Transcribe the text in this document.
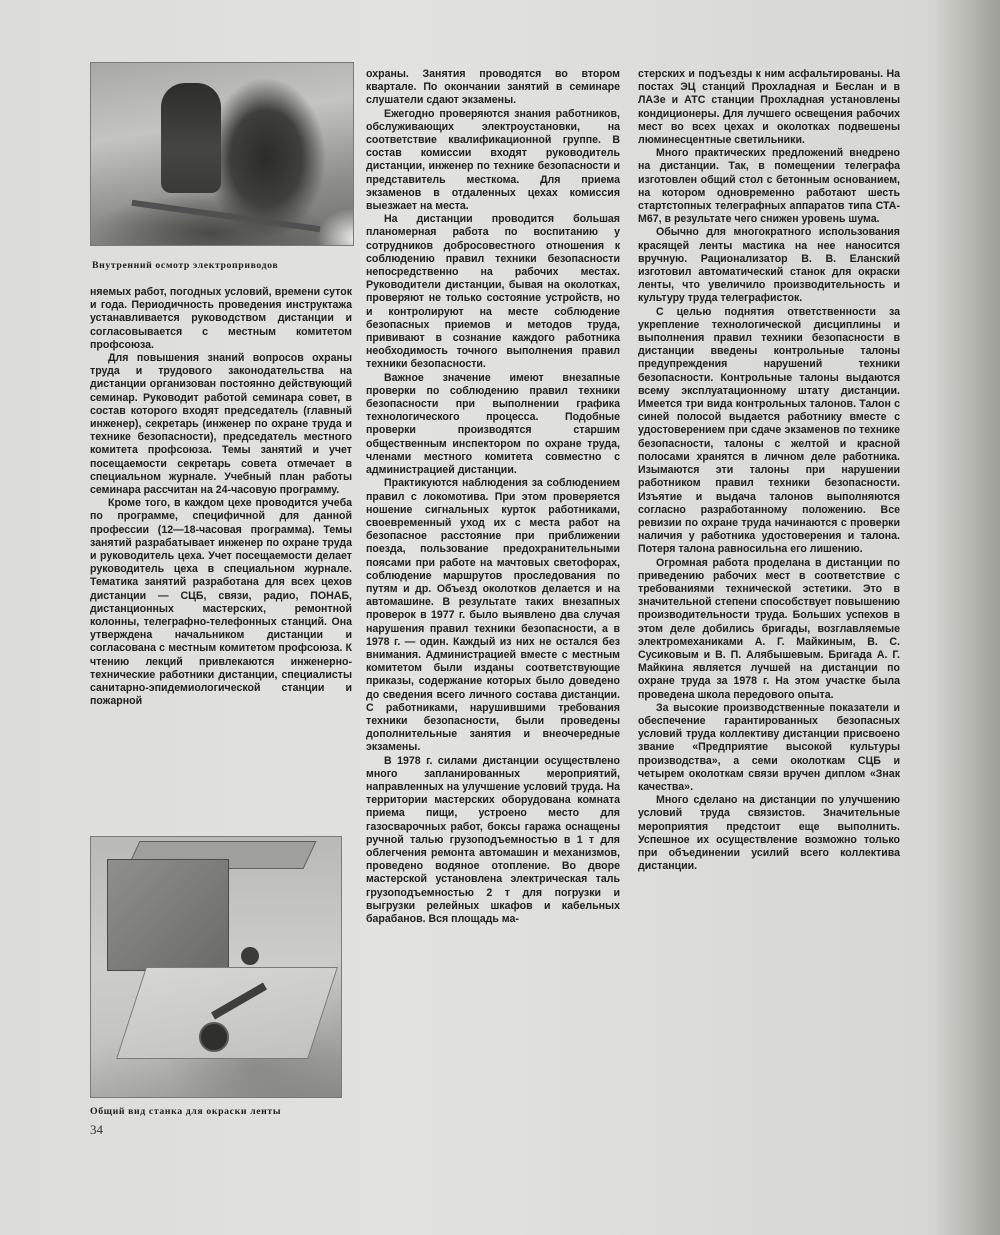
Внутренний осмотр электроприводов

няемых работ, погодных условий, времени суток и года. Периодичность проведения инструктажа устанавливается руководством дистанции и согласовывается с местным комитетом профсоюза.

Для повышения знаний вопросов охраны труда и трудового законодательства на дистанции организован постоянно действующий семинар. Руководит работой семинара совет, в состав которого входят председатель (главный инженер), секретарь (инженер по охране труда и технике безопасности), председатель местного комитета профсоюза. Темы занятий и учет посещаемости секретарь совета отмечает в специальном журнале. Учебный план работы семинара рассчитан на 24-часовую программу.

Кроме того, в каждом цехе проводится учеба по программе, специфичной для данной профессии (12—18-часовая программа). Темы занятий разрабатывает инженер по охране труда и руководитель цеха. Учет посещаемости делает руководитель цеха в специальном журнале. Тематика занятий разработана для всех цехов дистанции — СЦБ, связи, радио, ПОНАБ, дистанционных мастерских, ремонтной колонны, телеграфно-телефонных станций. Она утверждена начальником дистанции и согласована с местным комитетом профсоюза. К чтению лекций привлекаются инженерно-технические работники дистанции, специалисты санитарно-эпидемиологической станции и пожарной

Общий вид станка для окраски ленты
34

охраны. Занятия проводятся во втором квартале. По окончании занятий в семинаре слушатели сдают экзамены.

Ежегодно проверяются знания работников, обслуживающих электроустановки, на соответствие квалификационной группе. В состав комиссии входят руководитель дистанции, инженер по технике безопасности и представитель месткома. Для приема экзаменов в отдаленных цехах комиссия выезжает на места.

На дистанции проводится большая планомерная работа по воспитанию у сотрудников добросовестного отношения к соблюдению правил техники безопасности непосредственно на рабочих местах. Руководители дистанции, бывая на околотках, проверяют не только состояние устройств, но и контролируют на месте соблюдение безопасных приемов и методов труда, прививают в сознание каждого работника необходимость точного выполнения правил техники безопасности.

Важное значение имеют внезапные проверки по соблюдению правил техники безопасности при выполнении графика технологического процесса. Подобные проверки производятся старшим общественным инспектором по охране труда, членами местного комитета совместно с администрацией дистанции.

Практикуются наблюдения за соблюдением правил с локомотива. При этом проверяется ношение сигнальных курток работниками, своевременный уход их с места работ на безопасное расстояние при приближении поезда, пользование предохранительными поясами при работе на мачтовых светофорах, соблюдение маршрутов проследования по путям и др. Объезд околотков делается и на автомашине. В результате таких внезапных проверок в 1977 г. было выявлено два случая нарушения правил техники безопасности, а в 1978 г. — один. Каждый из них не остался без внимания. Администрацией вместе с местным комитетом были изданы соответствующие приказы, содержание которых было доведено до сведения всего личного состава дистанции. С работниками, нарушившими требования техники безопасности, были проведены дополнительные занятия и внеочередные экзамены.

В 1978 г. силами дистанции осуществлено много запланированных мероприятий, направленных на улучшение условий труда. На территории мастерских оборудована комната приема пищи, устроено место для газосварочных работ, боксы гаража оснащены ручной талью грузоподъемностью в 1 т для облегчения ремонта автомашин и механизмов, проведено водяное отопление. Во дворе мастерской установлена электрическая таль грузоподъемностью 2 т для погрузки и выгрузки релейных шкафов и кабельных барабанов. Вся площадь ма-

стерских и подъезды к ним асфальтированы. На постах ЭЦ станций Прохладная и Беслан и в ЛАЗе и АТС станции Прохладная установлены кондиционеры. Для лучшего освещения рабочих мест во всех цехах и околотках подвешены люминесцентные светильники.

Много практических предложений внедрено на дистанции. Так, в помещении телеграфа изготовлен общий стол с бетонным основанием, на котором одновременно работают шесть стартстопных телеграфных аппаратов типа СТА-М67, в результате чего снижен уровень шума.

Обычно для многократного использования красящей ленты мастика на нее наносится вручную. Рационализатор В. В. Еланский изготовил автоматический станок для окраски ленты, что увеличило производительность и культуру труда телеграфисток.

С целью поднятия ответственности за укрепление технологической дисциплины и выполнения правил техники безопасности в дистанции введены контрольные талоны предупреждения нарушений техники безопасности. Контрольные талоны выдаются всему эксплуатационному штату дистанции. Имеется три вида контрольных талонов. Талон с синей полосой выдается работнику вместе с удостоверением при сдаче экзаменов по технике безопасности, талоны с желтой и красной полосами хранятся в личном деле работника. Изымаются эти талоны при нарушении работником правил техники безопасности. Изъятие и выдача талонов выполняются согласно разработанному положению. Все ревизии по охране труда начинаются с проверки наличия у работника удостоверения и талона. Потеря талона равносильна его лишению.

Огромная работа проделана в дистанции по приведению рабочих мест в соответствие с требованиями технической эстетики. Это в значительной степени способствует повышению производительности труда. Больших успехов в этом деле добились бригады, возглавляемые электромеханиками А. Г. Майкиным, В. С. Сусиковым и В. П. Алябышевым. Бригада А. Г. Майкина является лучшей на дистанции по охране труда за 1978 г. На этом участке была проведена школа передового опыта.

За высокие производственные показатели и обеспечение гарантированных безопасных условий труда коллективу дистанции присвоено звание «Предприятие высокой культуры производства», а семи околоткам СЦБ и четырем околоткам связи вручен диплом «Знак качества».

Много сделано на дистанции по улучшению условий труда связистов. Значительные мероприятия предстоит еще выполнить. Успешное их осуществление возможно только при объединении усилий всего коллектива дистанции.
